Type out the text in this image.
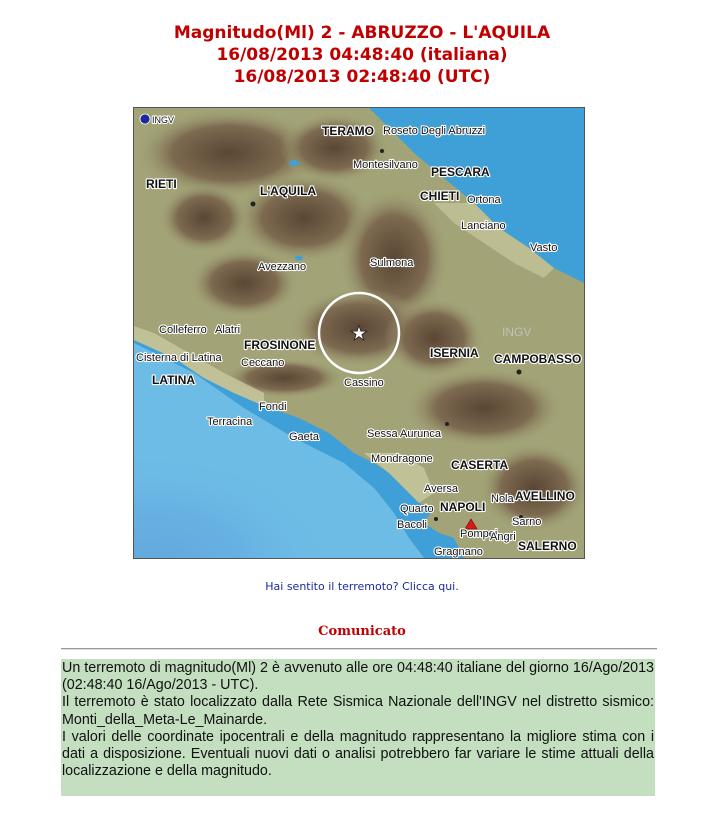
Magnitudo(Ml) 2 - ABRUZZO - L'AQUILA
16/08/2013 04:48:40 (italiana)
16/08/2013 02:48:40 (UTC)
★
INGV
INGV
TERAMO Roseto Degli Abruzzi
Montesilvano PESCARA
RIETI	L'AQUILA	CHIETI Ortona
Lanciano
Vasto
Avezzano	Sulmona
Colleferro Alatri
FROSINONE
Cisterna di Latina Ceccano
LATINA
ISERNIA CAMPOBASSO
Cassino
Fondi
Terracina
Gaeta	Sessa Aurunca
Mondragone CASERTA
Aversa
NAPOLI
Nola AVELLINO
Quarto
Bacoli	Sarno
Pompei
Angri
Gragnano	SALERNO
Hai sentito il terremoto? Clicca qui.
Comunicato

Un terremoto di magnitudo(Ml) 2 è avvenuto alle ore 04:48:40 italiane del giorno 16/Ago/2013 (02:48:40 16/Ago/2013 - UTC).

Il terremoto è stato localizzato dalla Rete Sismica Nazionale dell'INGV nel distretto sismico: Monti_della_Meta-Le_Mainarde.

I valori delle coordinate ipocentrali e della magnitudo rappresentano la migliore stima con i dati a disposizione. Eventuali nuovi dati o analisi potrebbero far variare le stime attuali della localizzazione e della magnitudo.
